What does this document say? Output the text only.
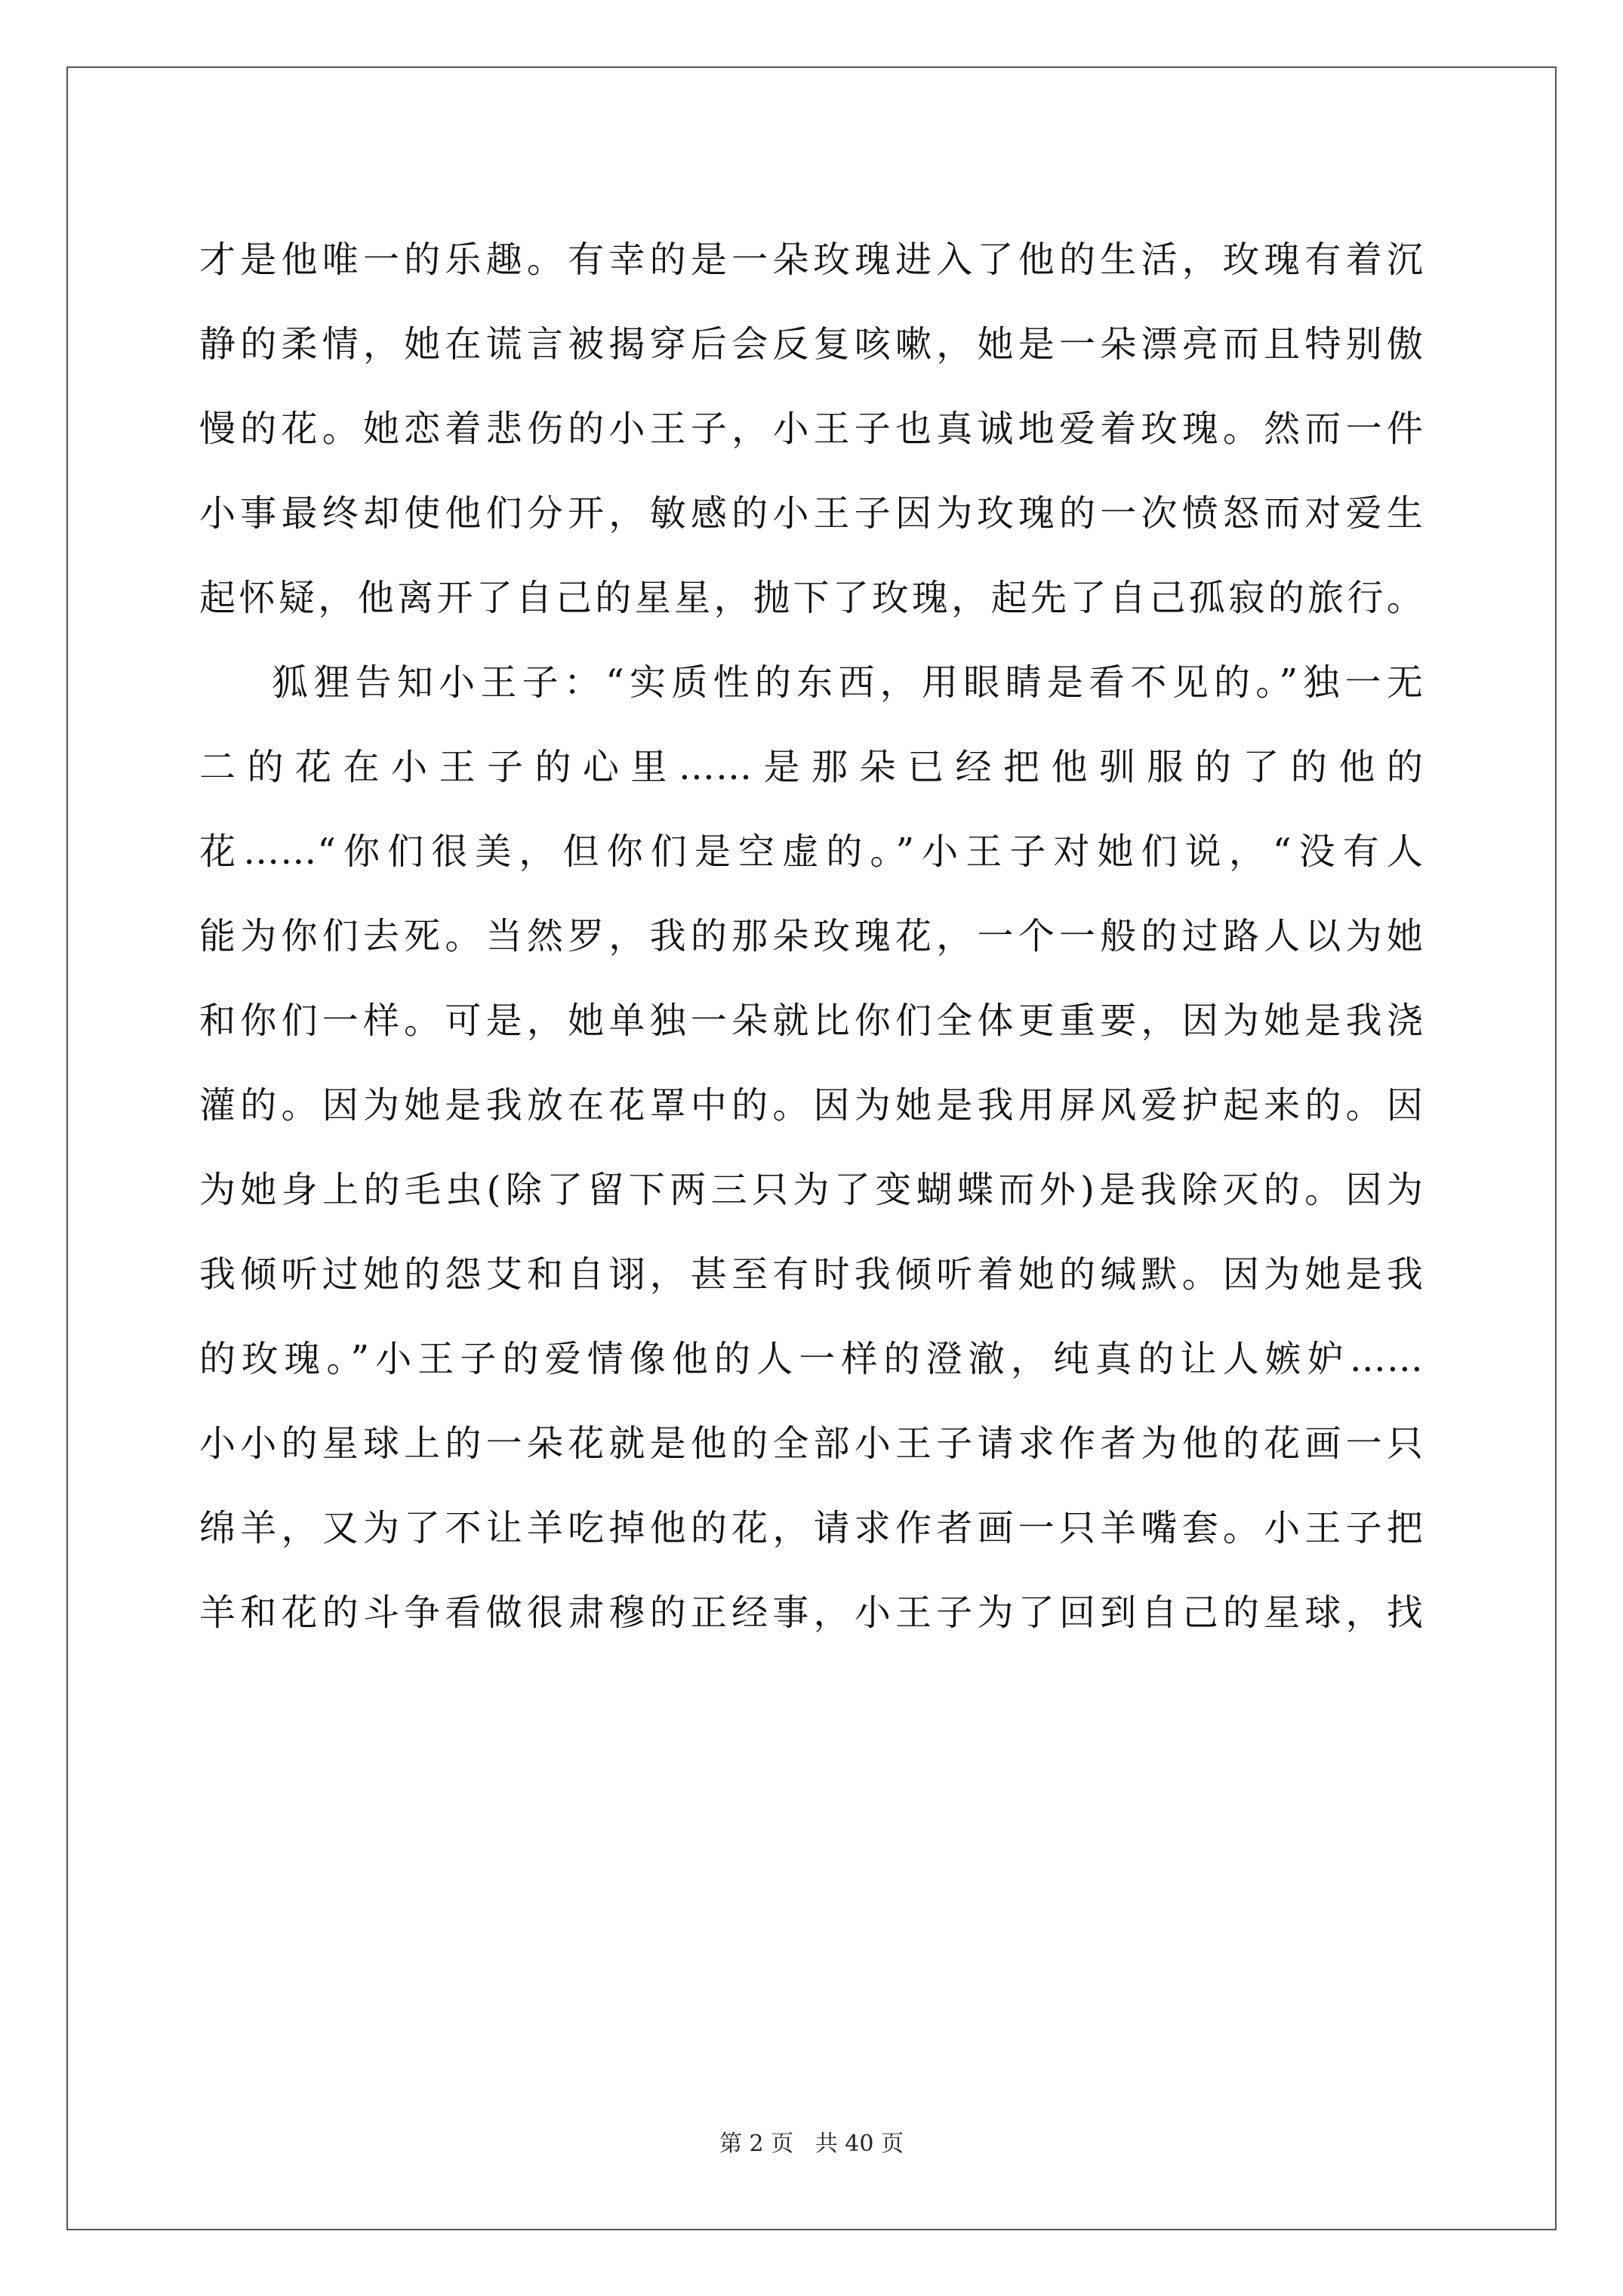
才是他唯一的乐趣。有幸的是一朵玫瑰进入了他的生活，玫瑰有着沉
静的柔情，她在谎言被揭穿后会反复咳嗽，她是一朵漂亮而且特别傲
慢的花。她恋着悲伤的小王子，小王子也真诚地爱着玫瑰。然而一件
小事最终却使他们分开，敏感的小王子因为玫瑰的一次愤怒而对爱生
起怀疑，他离开了自己的星星，抛下了玫瑰，起先了自己孤寂的旅行。
狐狸告知小王子：“实质性的东西，用眼睛是看不见的。”独一无
二的花在小王子的心里……是那朵已经把他驯服的了的他的
花……“你们很美，但你们是空虚的。”小王子对她们说，“没有人
能为你们去死。当然罗，我的那朵玫瑰花，一个一般的过路人以为她
和你们一样。可是，她单独一朵就比你们全体更重要，因为她是我浇
灌的。因为她是我放在花罩中的。因为她是我用屏风爱护起来的。因
为她身上的毛虫(除了留下两三只为了变蝴蝶而外)是我除灭的。因为
我倾听过她的怨艾和自诩，甚至有时我倾听着她的缄默。因为她是我
的玫瑰。”小王子的爱情像他的人一样的澄澈，纯真的让人嫉妒……
小小的星球上的一朵花就是他的全部小王子请求作者为他的花画一只
绵羊，又为了不让羊吃掉他的花，请求作者画一只羊嘴套。小王子把
羊和花的斗争看做很肃穆的正经事，小王子为了回到自己的星球，找
第 2 页 共 40 页
